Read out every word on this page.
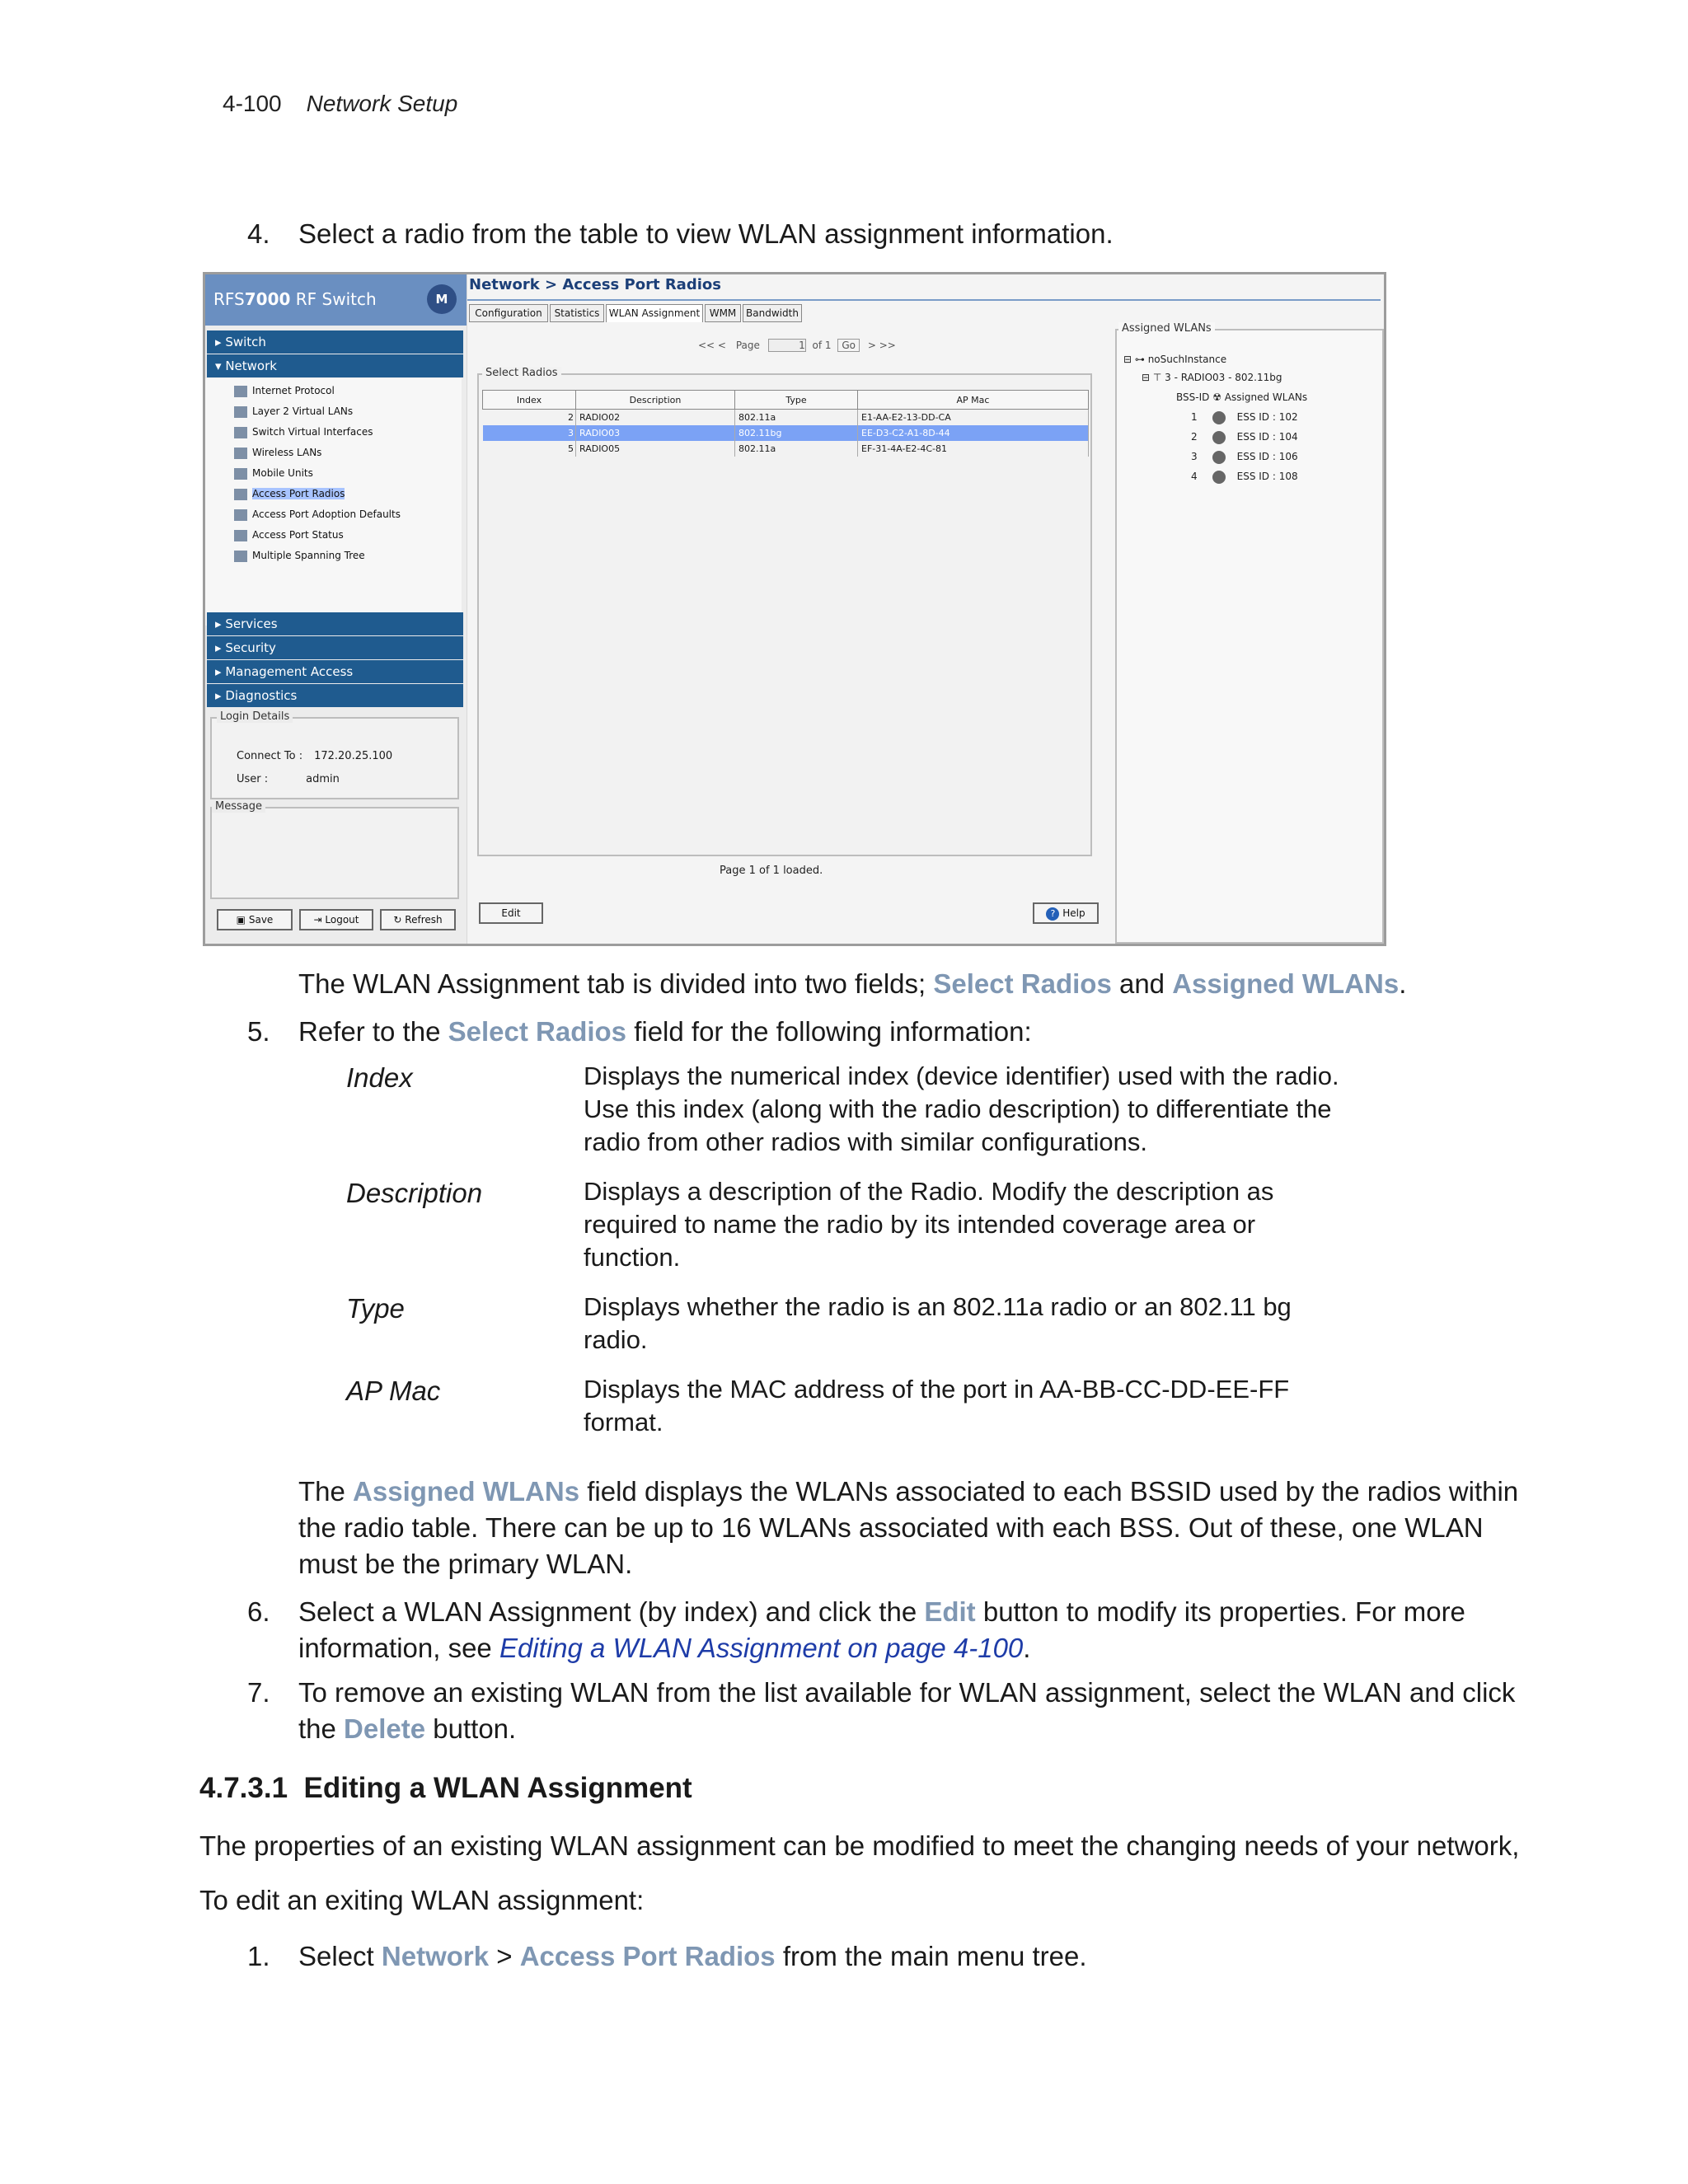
4-100 Network Setup
4.	Select a radio from the table to view WLAN assignment information.
RFS7000 RF Switch	M
▸ Switch
▾ Network
Internet Protocol
Layer 2 Virtual LANs
Switch Virtual Interfaces
Wireless LANs
Mobile Units
Access Port Radios
Access Port Adoption Defaults
Access Port Status
Multiple Spanning Tree
▸ Services
▸ Security
▸ Management Access
▸ Diagnostics
Login Details
Connect To : 172.20.25.100
User :	admin
Message
▣ Save	⇥ Logout	↻ Refresh
Network > Access Port Radios
Configuration	Statistics WLAN Assignment WMM Bandwidth
<< < Page	1 of 1 Go > >>
Select Radios
Index	Description	Type	AP Mac
2	RADIO02	802.11a	E1-AA-E2-13-DD-CA
3	RADIO03	802.11bg	EE-D3-C2-A1-8D-44
5	RADIO05	802.11a	EF-31-4A-E2-4C-81
Page 1 of 1 loaded.
Edit	? Help
Assigned WLANs
⊟ ⊶ noSuchInstance
⊟ ⊤ 3 - RADIO03 - 802.11bg
BSS-ID ☢ Assigned WLANs
1	ESS ID : 102
2	ESS ID : 104
3	ESS ID : 106
4	ESS ID : 108
The WLAN Assignment tab is divided into two fields; Select Radios and Assigned WLANs.
5.	Refer to the Select Radios field for the following information:
Index	Displays the numerical index (device identifier) used with the radio.
Use this index (along with the radio description) to differentiate the
radio from other radios with similar configurations.
Description	Displays a description of the Radio. Modify the description as
required to name the radio by its intended coverage area or
function.
Type	Displays whether the radio is an 802.11a radio or an 802.11 bg
radio.
AP Mac	Displays the MAC address of the port in AA-BB-CC-DD-EE-FF
format.
The Assigned WLANs field displays the WLANs associated to each BSSID used by the radios within
the radio table. There can be up to 16 WLANs associated with each BSS. Out of these, one WLAN
must be the primary WLAN.
6.	Select a WLAN Assignment (by index) and click the Edit button to modify its properties. For more
information, see Editing a WLAN Assignment on page 4-100.
7.	To remove an existing WLAN from the list available for WLAN assignment, select the WLAN and click
the Delete button.
4.7.3.1 Editing a WLAN Assignment
The properties of an existing WLAN assignment can be modified to meet the changing needs of your network,
To edit an exiting WLAN assignment:
1.	Select Network > Access Port Radios from the main menu tree.
